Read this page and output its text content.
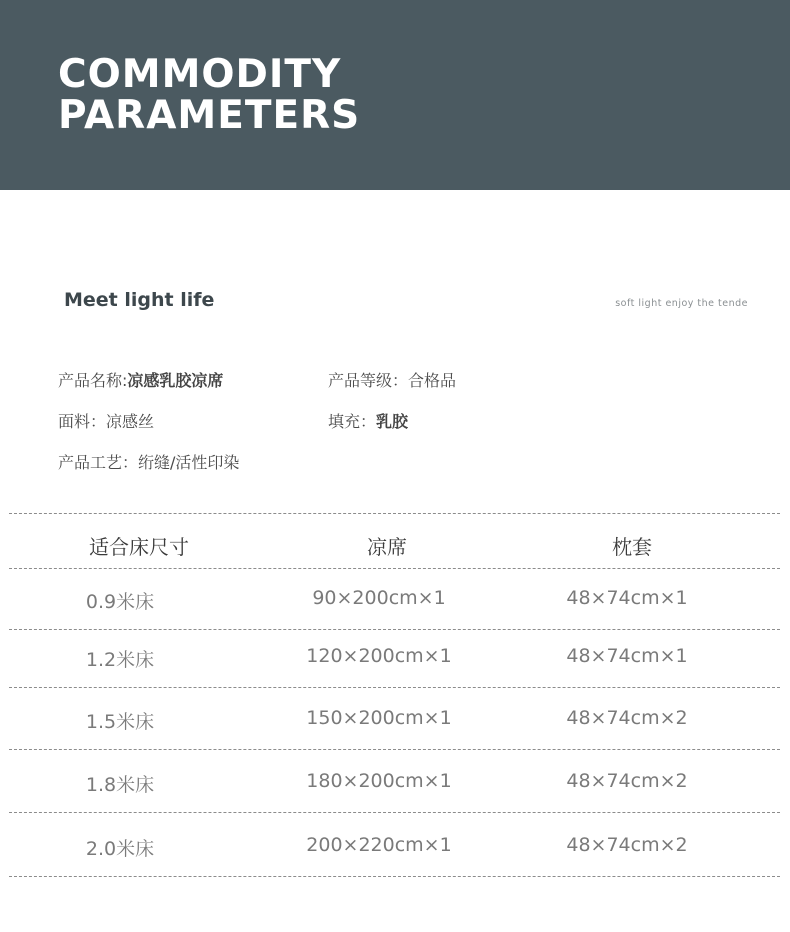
COMMODITY
PARAMETERS
Meet light life	soft light enjoy the tende
产品名称:凉感乳胶凉席	产品等级：合格品
面料：凉感丝	填充：乳胶
产品工艺：绗缝/活性印染
适合床尺寸	凉席	枕套
0.9米床	90×200cm×1	48×74cm×1
1.2米床	120×200cm×1	48×74cm×1
1.5米床	150×200cm×1	48×74cm×2
1.8米床	180×200cm×1	48×74cm×2
2.0米床	200×220cm×1	48×74cm×2
